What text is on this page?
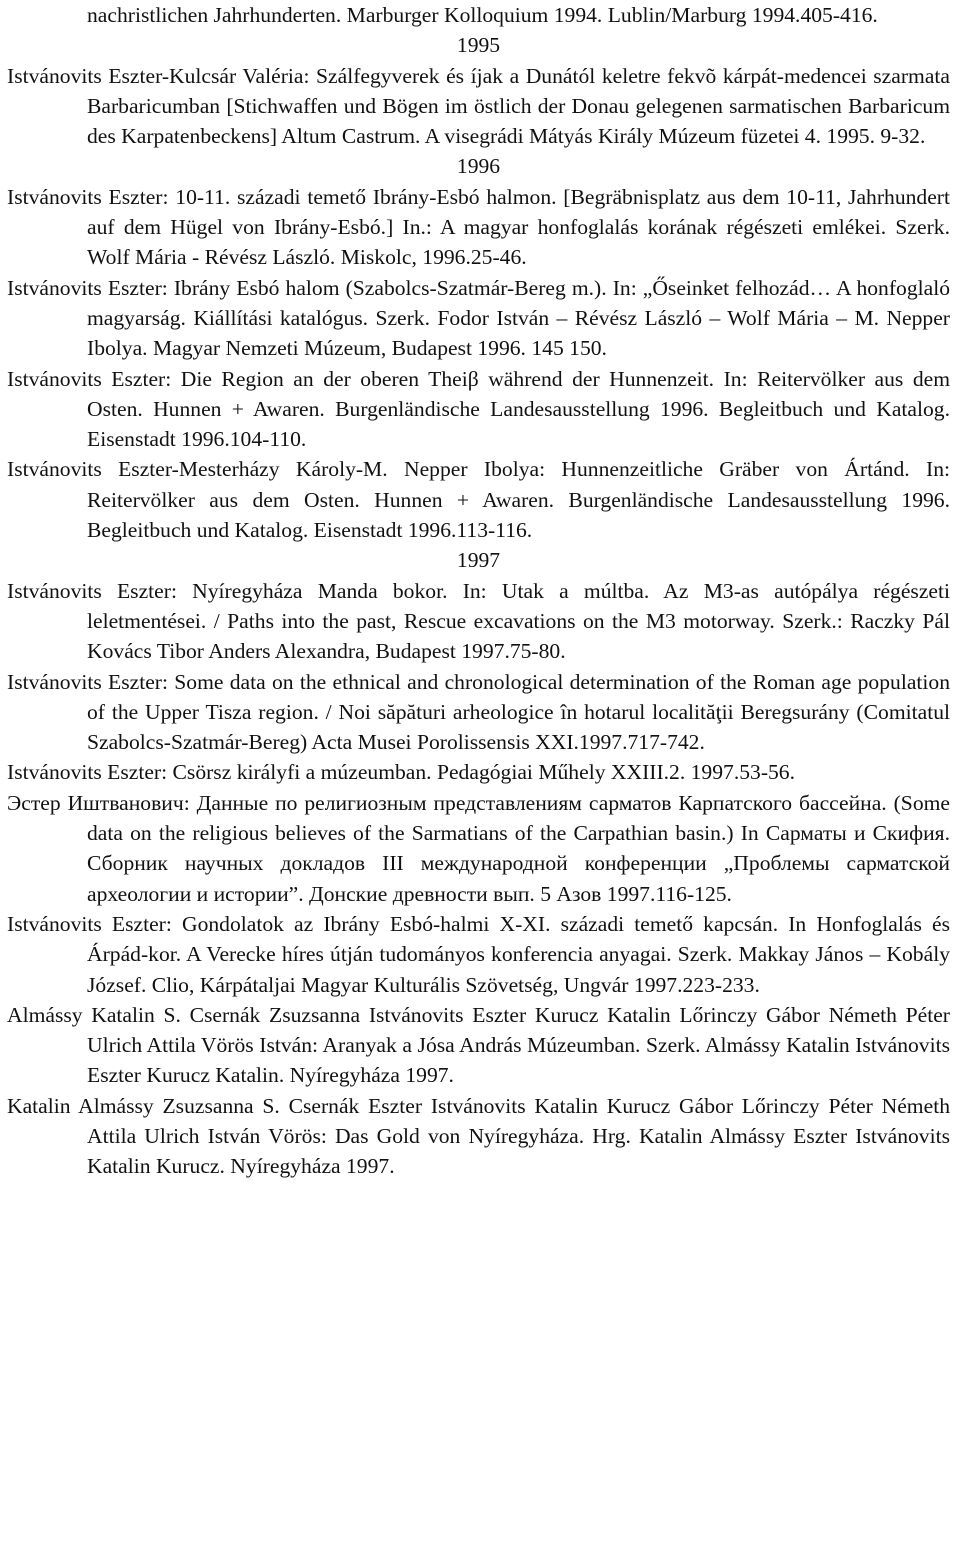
nachristlichen Jahrhunderten. Marburger Kolloquium 1994. Lublin/Marburg 1994.405-416.
1995
Istvánovits Eszter-Kulcsár Valéria: Szálfegyverek és íjak a Dunától keletre fekvõ kárpát-medencei szarmata Barbaricumban [Stichwaffen und Bögen im östlich der Donau gelegenen sarmatischen Barbaricum des Karpatenbeckens] Altum Castrum. A visegrádi Mátyás Király Múzeum füzetei 4. 1995. 9-32.
1996
Istvánovits Eszter: 10-11. századi temető Ibrány-Esbó halmon. [Begräbnisplatz aus dem 10-11, Jahrhundert auf dem Hügel von Ibrány-Esbó.] In.: A magyar honfoglalás korának régészeti emlékei. Szerk. Wolf Mária - Révész László. Miskolc, 1996.25-46.
Istvánovits Eszter: Ibrány Esbó halom (Szabolcs-Szatmár-Bereg m.). In: „Őseinket felhozád… A honfoglaló magyarság. Kiállítási katalógus. Szerk. Fodor István – Révész László – Wolf Mária – M. Nepper Ibolya. Magyar Nemzeti Múzeum, Budapest 1996. 145 150.
Istvánovits Eszter: Die Region an der oberen Theiβ während der Hunnenzeit. In: Reitervölker aus dem Osten. Hunnen + Awaren. Burgenländische Landesausstellung 1996. Begleitbuch und Katalog. Eisenstadt 1996.104-110.
Istvánovits Eszter-Mesterházy Károly-M. Nepper Ibolya: Hunnenzeitliche Gräber von Ártánd. In: Reitervölker aus dem Osten. Hunnen + Awaren. Burgenländische Landesausstellung 1996. Begleitbuch und Katalog. Eisenstadt 1996.113-116.
1997
Istvánovits Eszter: Nyíregyháza Manda bokor. In: Utak a múltba. Az M3-as autópálya régészeti leletmentései. / Paths into the past, Rescue excavations on the M3 motorway. Szerk.: Raczky Pál Kovács Tibor Anders Alexandra, Budapest 1997.75-80.
Istvánovits Eszter: Some data on the ethnical and chronological determination of the Roman age population of the Upper Tisza region. / Noi săpături arheologice în hotarul localităţii Beregsurány (Comitatul Szabolcs-Szatmár-Bereg) Acta Musei Porolissensis XXI.1997.717-742.
Istvánovits Eszter: Csörsz királyfi a múzeumban. Pedagógiai Műhely XXIII.2. 1997.53-56.
Эстер Иштванович: Данные по религиозным представлениям сарматов Карпатского бассейна. (Some data on the religious believes of the Sarmatians of the Carpathian basin.) In Сарматы и Скифия. Сборник научных докладов III международной конференции „Проблемы сарматской археологии и истории”. Донские древности вып. 5 Азов 1997.116-125.
Istvánovits Eszter: Gondolatok az Ibrány Esbó-halmi X-XI. századi temető kapcsán. In Honfoglalás és Árpád-kor. A Verecke híres útján tudományos konferencia anyagai. Szerk. Makkay János – Kobály József. Clio, Kárpátaljai Magyar Kulturális Szövetség, Ungvár 1997.223-233.
Almássy Katalin S. Csernák Zsuzsanna Istvánovits Eszter Kurucz Katalin Lőrinczy Gábor Németh Péter Ulrich Attila Vörös István: Aranyak a Jósa András Múzeumban. Szerk. Almássy Katalin Istvánovits Eszter Kurucz Katalin. Nyíregyháza 1997.
Katalin Almássy Zsuzsanna S. Csernák Eszter Istvánovits Katalin Kurucz Gábor Lőrinczy Péter Németh Attila Ulrich István Vörös: Das Gold von Nyíregyháza. Hrg. Katalin Almássy Eszter Istvánovits Katalin Kurucz. Nyíregyháza 1997.
